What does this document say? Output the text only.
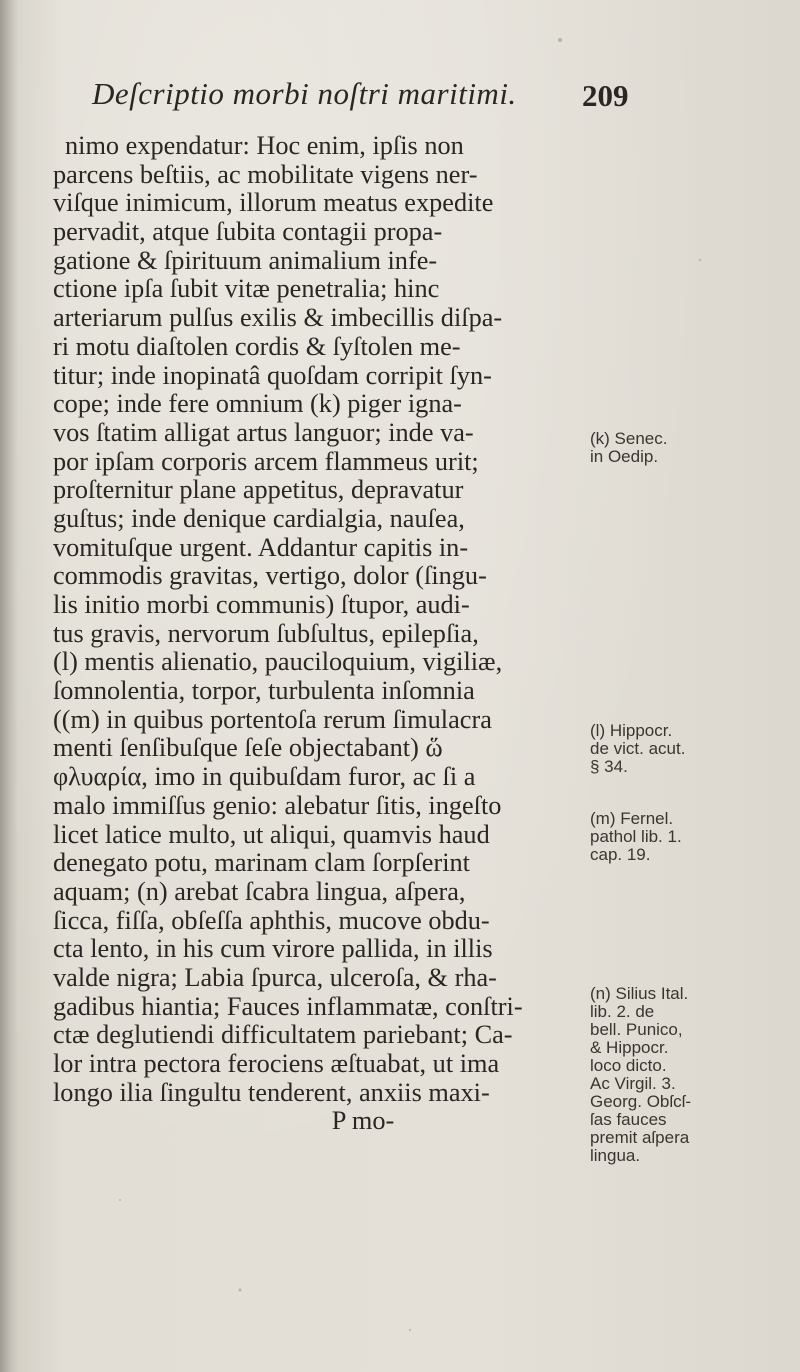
Deſcriptio morbi noſtri maritimi. 209
nimo expendatur: Hoc enim, ipſis non
parcens beſtiis, ac mobilitate vigens ner-
viſque inimicum, illorum meatus expedite
pervadit, atque ſubita contagii propa-
gatione & ſpirituum animalium infe-
ctione ipſa ſubit vitæ penetralia; hinc
arteriarum pulſus exilis & imbecillis diſpa-
ri motu diaſtolen cordis & ſyſtolen me-
titur; inde inopinatâ quoſdam corripit ſyn-
cope; inde fere omnium (k) piger igna-
vos ſtatim alligat artus languor; inde va-
por ipſam corporis arcem flammeus urit;
proſternitur plane appetitus, depravatur
guſtus; inde denique cardialgia, nauſea,
vomituſque urgent. Addantur capitis in-
commodis gravitas, vertigo, dolor (ſingu-
lis initio morbi communis) ſtupor, audi-
tus gravis, nervorum ſubſultus, epilepſia,
(l) mentis alienatio, pauciloquium, vigiliæ,
ſomnolentia, torpor, turbulenta inſomnia
((m) in quibus portentoſa rerum ſimulacra
menti ſenſibuſque ſeſe objectabant) ὥ
φλυαρία, imo in quibuſdam furor, ac ſi a
malo immiſſus genio: alebatur ſitis, ingeſto
licet latice multo, ut aliqui, quamvis haud
denegato potu, marinam clam ſorpſerint
aquam; (n) arebat ſcabra lingua, aſpera,
ſicca, fiſſa, obſeſſa aphthis, mucove obdu-
cta lento, in his cum virore pallida, in illis
valde nigra; Labia ſpurca, ulceroſa, & rha-
gadibus hiantia; Fauces inflammatæ, conſtri-
ctæ deglutiendi difficultatem pariebant; Ca-
lor intra pectora ferociens æſtuabat, ut ima
longo ilia ſingultu tenderent, anxiis maxi-
P mo-
(k) Senec.
in Oedip.
(l) Hippocr.
de vict. acut.
§ 34.
(m) Fernel.
pathol lib. 1.
cap. 19.
(n) Silius Ital.
lib. 2. de
bell. Punico,
& Hippocr.
loco dicto.
Ac Virgil. 3.
Georg. Obſcſ-
ſas fauces
premit aſpera
lingua.
